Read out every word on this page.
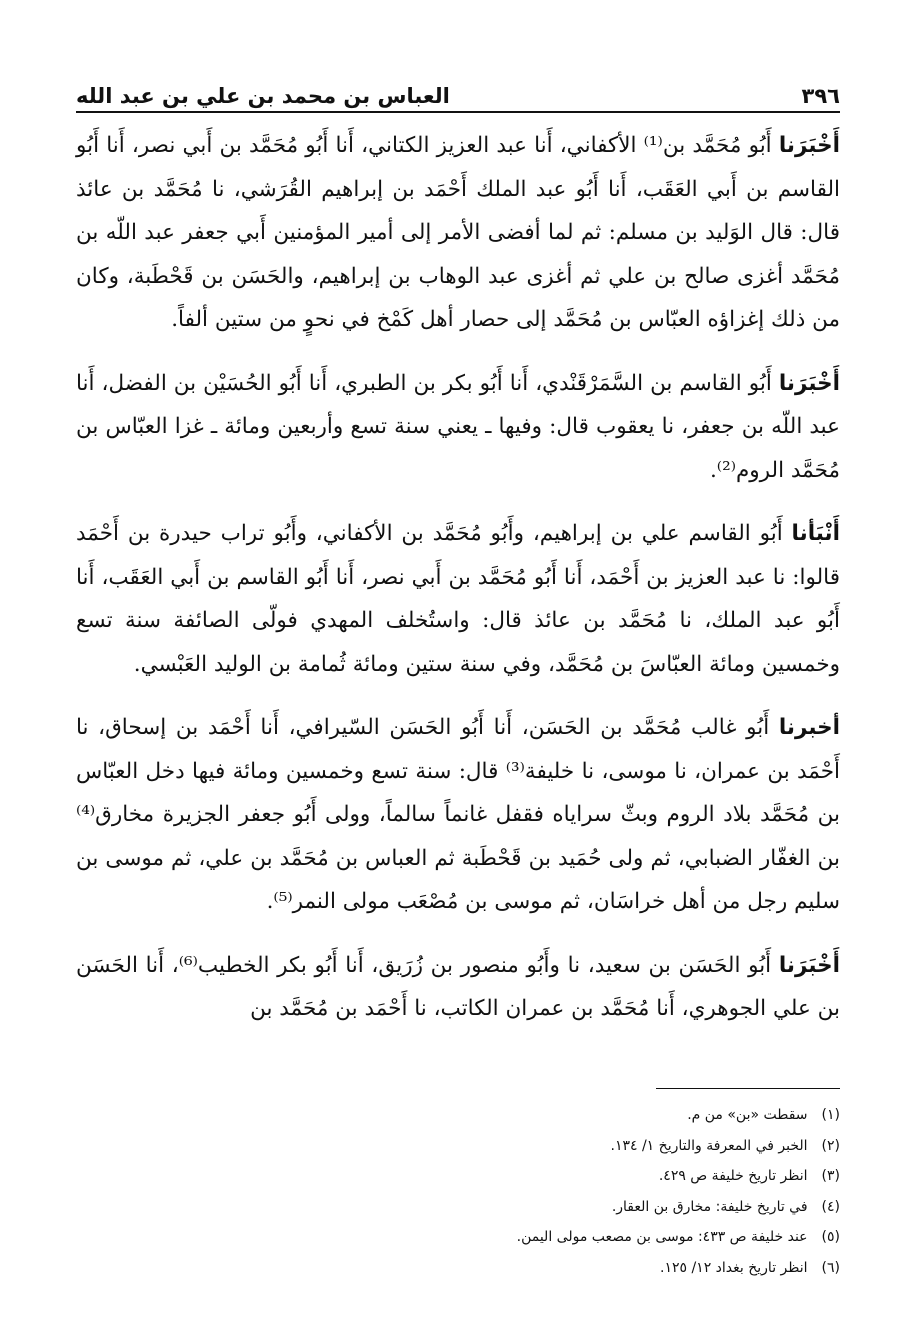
٣٩٦
العباس بن محمد بن علي بن عبد الله

أَخْبَرَنا أَبُو مُحَمَّد بن⁽¹⁾ الأكفاني، أَنا عبد العزيز الكتاني، أَنا أَبُو مُحَمَّد بن أَبي نصر، أَنا أَبُو القاسم بن أَبي العَقَب، أَنا أَبُو عبد الملك أَحْمَد بن إبراهيم القُرَشي، نا مُحَمَّد بن عائذ قال: قال الوَليد بن مسلم: ثم لما أفضى الأمر إلى أمير المؤمنين أَبي جعفر عبد اللّه بن مُحَمَّد أغزى صالح بن علي ثم أغزى عبد الوهاب بن إبراهيم، والحَسَن بن قَحْطَبة، وكان من ذلك إغزاؤه العبّاس بن مُحَمَّد إلى حصار أهل كَمْخ في نحوٍ من ستين ألفاً.

أَخْبَرَنا أَبُو القاسم بن السَّمَرْقَنْدي، أَنا أَبُو بكر بن الطبري، أَنا أَبُو الحُسَيْن بن الفضل، أَنا عبد اللّه بن جعفر، نا يعقوب قال: وفيها ـ يعني سنة تسع وأربعين ومائة ـ غزا العبّاس بن مُحَمَّد الروم⁽²⁾.

أَنْبَأنا أَبُو القاسم علي بن إبراهيم، وأَبُو مُحَمَّد بن الأكفاني، وأَبُو تراب حيدرة بن أَحْمَد قالوا: نا عبد العزيز بن أَحْمَد، أَنا أَبُو مُحَمَّد بن أَبي نصر، أَنا أَبُو القاسم بن أَبي العَقَب، أَنا أَبُو عبد الملك، نا مُحَمَّد بن عائذ قال: واستُخلف المهدي فولّى الصائفة سنة تسع وخمسين ومائة العبّاسَ بن مُحَمَّد، وفي سنة ستين ومائة ثُمامة بن الوليد العَبْسي.

أخبرنا أَبُو غالب مُحَمَّد بن الحَسَن، أَنا أَبُو الحَسَن السّيرافي، أَنا أَحْمَد بن إسحاق، نا أَحْمَد بن عمران، نا موسى، نا خليفة⁽³⁾ قال: سنة تسع وخمسين ومائة فيها دخل العبّاس بن مُحَمَّد بلاد الروم وبثّ سراياه فقفل غانماً سالماً، وولى أَبُو جعفر الجزيرة مخارق⁽⁴⁾ بن الغفّار الضبابي، ثم ولى حُمَيد بن قَحْطَبة ثم العباس بن مُحَمَّد بن علي، ثم موسى بن سليم رجل من أهل خراسَان، ثم موسى بن مُصْعَب مولى النمر⁽⁵⁾.

أَخْبَرَنا أَبُو الحَسَن بن سعيد، نا وأَبُو منصور بن زُرَيق، أَنا أَبُو بكر الخطيب⁽⁶⁾، أَنا الحَسَن بن علي الجوهري، أَنا مُحَمَّد بن عمران الكاتب، نا أَحْمَد بن مُحَمَّد بن

(١) سقطت «بن» من م.
(٢) الخبر في المعرفة والتاريخ ١/ ١٣٤.
(٣) انظر تاريخ خليفة ص ٤٢٩.
(٤) في تاريخ خليفة: مخارق بن العقار.
(٥) عند خليفة ص ٤٣٣: موسى بن مصعب مولى اليمن.
(٦) انظر تاريخ بغداد ١٢/ ١٢٥.
